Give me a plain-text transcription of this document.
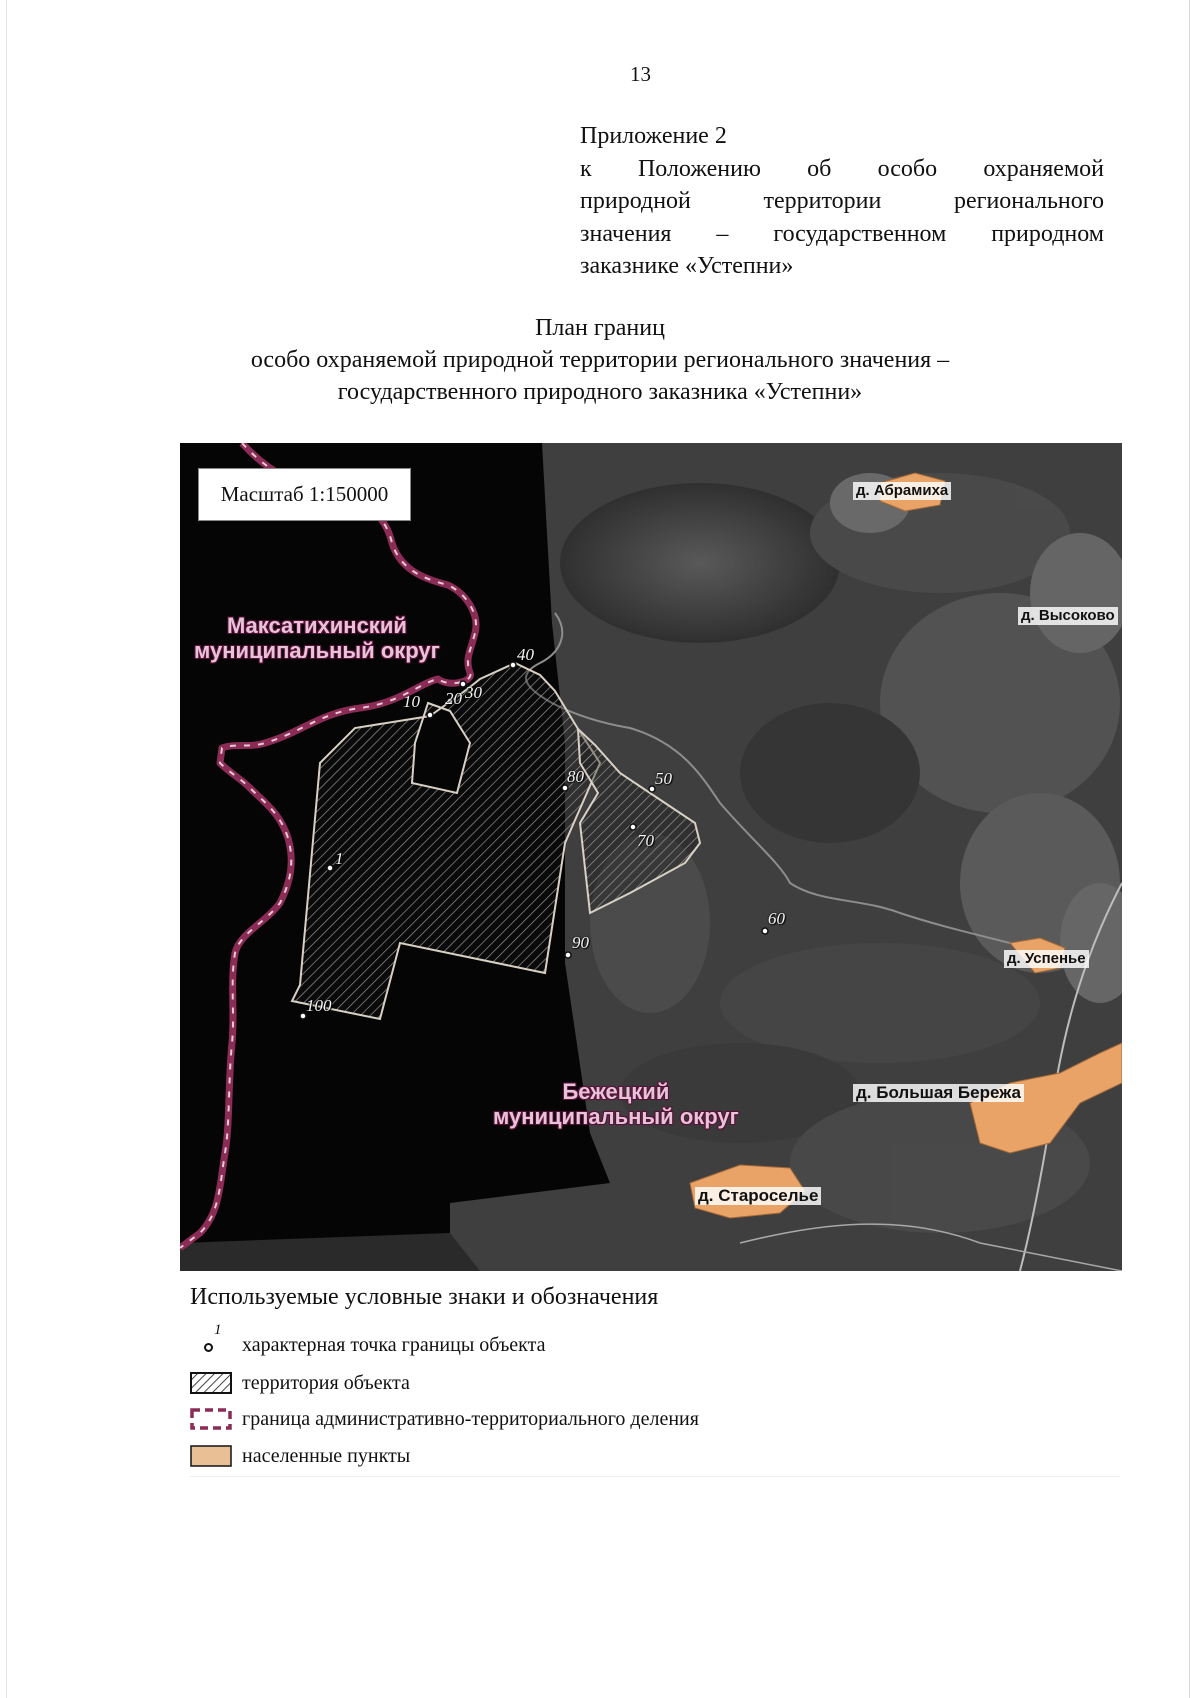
13
Приложение 2
к Положению об особо охраняемой
природной территории регионального
значения – государственном природном
заказнике «Устепни»
План границ
особо охраняемой природной территории регионального значения –
государственного природного заказника «Устепни»
Масштаб 1:150000
Максатихинский
муниципальный округ
Бежецкий
муниципальный округ
д. Абрамиха
д. Высоково
д. Успенье
д. Большая Бережа
д. Староселье
1
10 20 30
40
50
60
70
80
90
100
Используемые условные знаки и обозначения
1
характерная точка границы объекта
территория объекта
граница административно-территориального деления
населенные пункты
